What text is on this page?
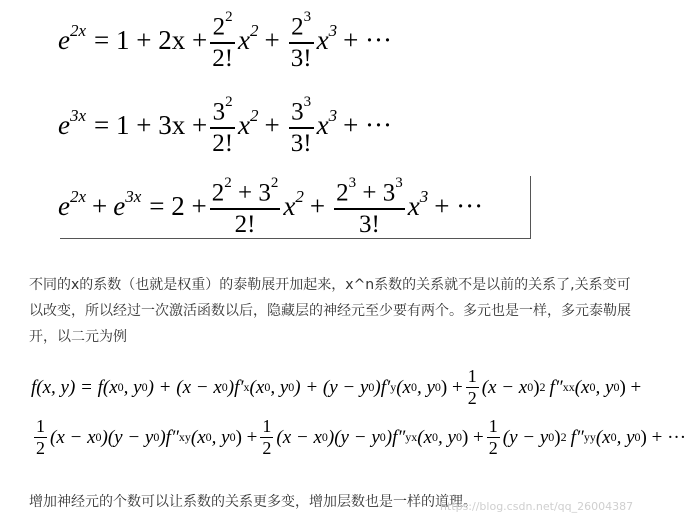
$e^{2x} = 1 + 2x + \frac{2^2}{2!} x^2 + \frac{2^3}{3!} x^3$ + ···
$e^{3x} = 1 + 3x + \frac{3^2}{2!} x^2 + \frac{3^3}{3!} x^3$ + ···
$e^{2x} + e^{3x} = 2 + \frac{2^2 + 3^2}{2!} x^2 + \frac{2^3 + 3^3}{3!} x^3$ + ···
不同的x的系数（也就是权重）的泰勒展开加起来，x^n系数的关系就不是以前的关系了,关系变可以改变，所以经过一次激活函数以后，隐藏层的神经元至少要有两个。多元也是一样，多元泰勒展开，以二元为例
f(x, y) = f(x 0 , y 0 ) + (x − x 0 )f′ x (x 0 , y 0 ) + (y − y 0 )f′ y (x 0 , y 0 ) + $\frac{1}{2} (x - x$ 0 ) 2 f″ xx (x 0 , y 0 ) +
$\frac{1}{2} (x - x$ 0 )(y − y 0 )f″ xy (x 0 , y 0 ) + $\frac{1}{2} (x - x$ 0 )(y − y 0 )f″ yx (x 0 , y 0 ) + $\frac{1}{2} (y - y$ 0 ) 2 f″ yy (x 0 , y 0 ) + ···
增加神经元的个数可以让系数的关系更多变，增加层数也是一样的道理。
https://blog.csdn.net/qq_26004387
